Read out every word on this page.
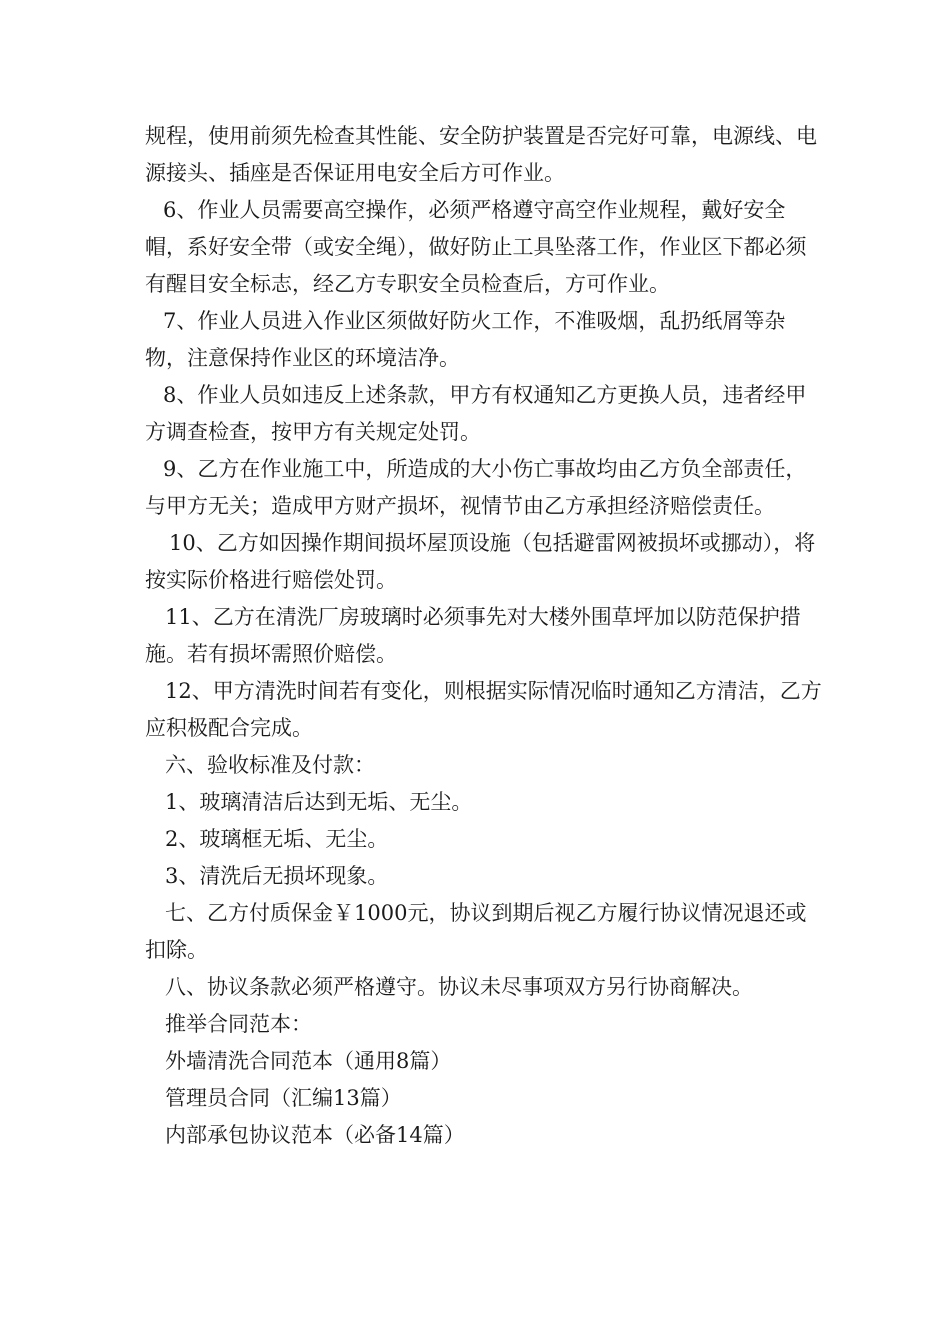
规程，使用前须先检查其性能、安全防护装置是否完好可靠，电源线、电源接头、插座是否保证用电安全后方可作业。

6、作业人员需要高空操作，必须严格遵守高空作业规程，戴好安全帽，系好安全带（或安全绳），做好防止工具坠落工作，作业区下都必须有醒目安全标志，经乙方专职安全员检查后，方可作业。

7、作业人员进入作业区须做好防火工作，不准吸烟，乱扔纸屑等杂物，注意保持作业区的环境洁净。

8、作业人员如违反上述条款，甲方有权通知乙方更换人员，违者经甲方调查检查，按甲方有关规定处罚。

9、乙方在作业施工中，所造成的大小伤亡事故均由乙方负全部责任，与甲方无关；造成甲方财产损坏，视情节由乙方承担经济赔偿责任。

10、乙方如因操作期间损坏屋顶设施（包括避雷网被损坏或挪动），将按实际价格进行赔偿处罚。

11、乙方在清洗厂房玻璃时必须事先对大楼外围草坪加以防范保护措施。若有损坏需照价赔偿。

12、甲方清洗时间若有变化，则根据实际情况临时通知乙方清洁，乙方应积极配合完成。

六、验收标准及付款：

1、玻璃清洁后达到无垢、无尘。

2、玻璃框无垢、无尘。

3、清洗后无损坏现象。

七、乙方付质保金￥1000元，协议到期后视乙方履行协议情况退还或扣除。

八、协议条款必须严格遵守。协议未尽事项双方另行协商解决。

推举合同范本：

外墙清洗合同范本（通用8篇）

管理员合同（汇编13篇）

内部承包协议范本（必备14篇）
